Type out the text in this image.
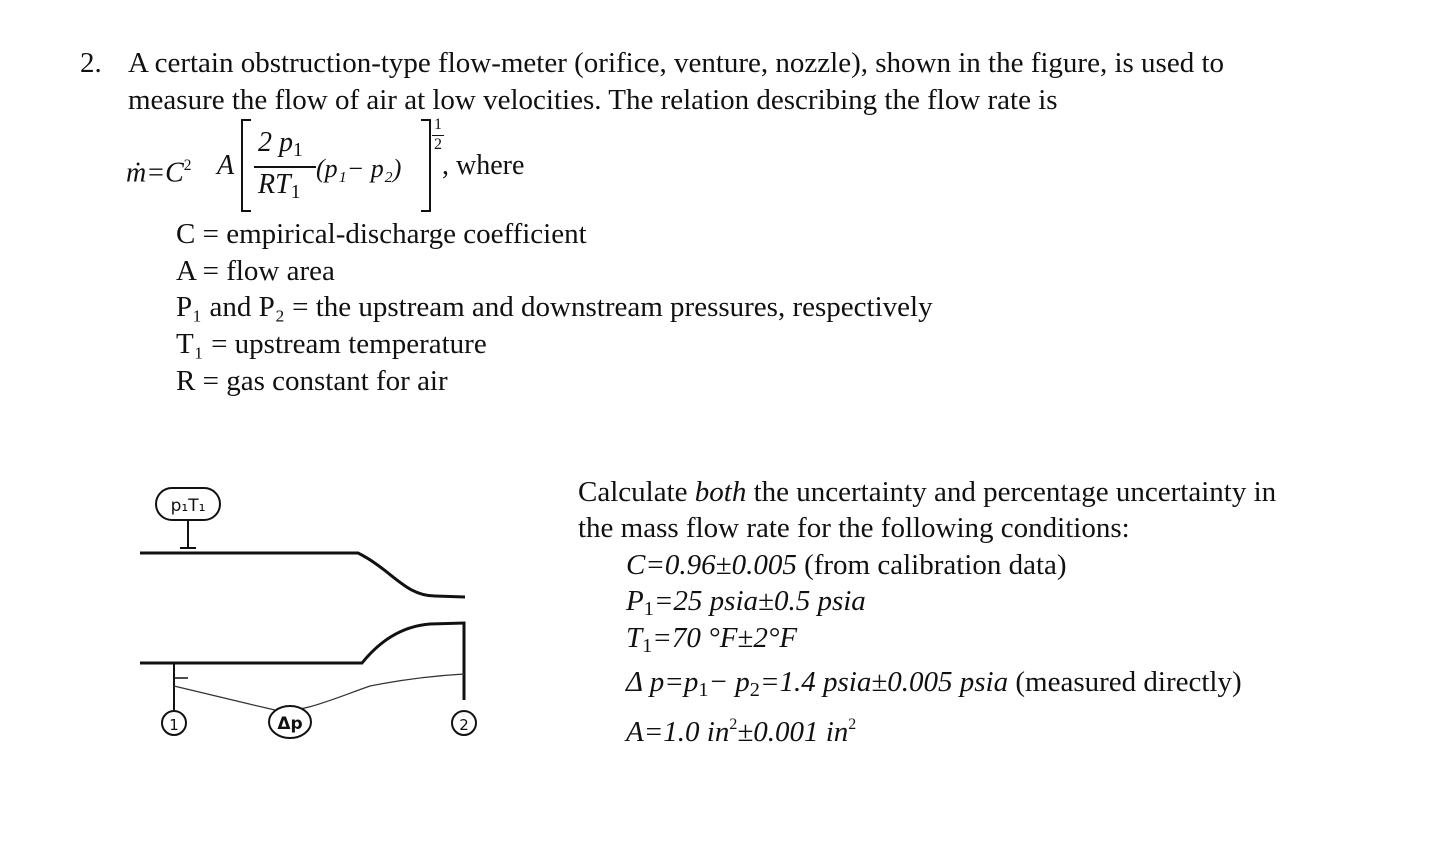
2. A certain obstruction-type flow-meter (orifice, venture, nozzle), shown in the figure, is used to
measure the flow of air at low velocities. The relation describing the flow rate is
$ṁ=C^2$ A
2 $p_1$
$RT_1$
(p₁− p₂)
1
2
, where
C = empirical-discharge coefficient
A = flow area
P₁ and P₂ = the upstream and downstream pressures, respectively
T₁ = upstream temperature
R = gas constant for air
p₁T₁
1	2
Δp
Calculate both the uncertainty and percentage uncertainty in
the mass flow rate for the following conditions:
C=0.96±0.005 (from calibration data)
$P_1=25$ psia±0.5 psia
$T_1=70$ °F±2°F
Δ $p=p_1- p_2=1.4$ psia±0.005 psia (measured directly)
A=1.0 $in^2\pm 0.001$ $in^2$
